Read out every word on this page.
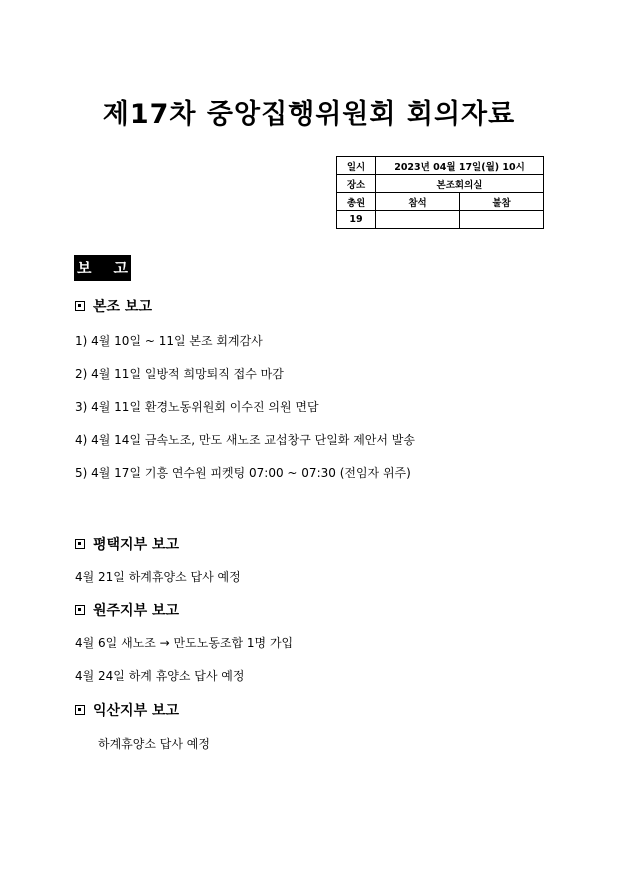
제17차 중앙집행위원회 회의자료
일시	2023년 04월 17일(월) 10시	
장소	본조회의실	
총원	참석	불참
19		
보 고
본조 보고
1) 4월 10일 ~ 11일 본조 회계감사
2) 4월 11일 일방적 희망퇴직 접수 마감
3) 4월 11일 환경노동위원회 이수진 의원 면담
4) 4월 14일 금속노조, 만도 새노조 교섭창구 단일화 제안서 발송
5) 4월 17일 기흥 연수원 피켓팅 07:00 ~ 07:30 (전임자 위주)
평택지부 보고
4월 21일 하계휴양소 답사 예정
원주지부 보고
4월 6일 새노조 → 만도노동조합 1명 가입
4월 24일 하계 휴양소 답사 예정
익산지부 보고
하계휴양소 답사 예정
